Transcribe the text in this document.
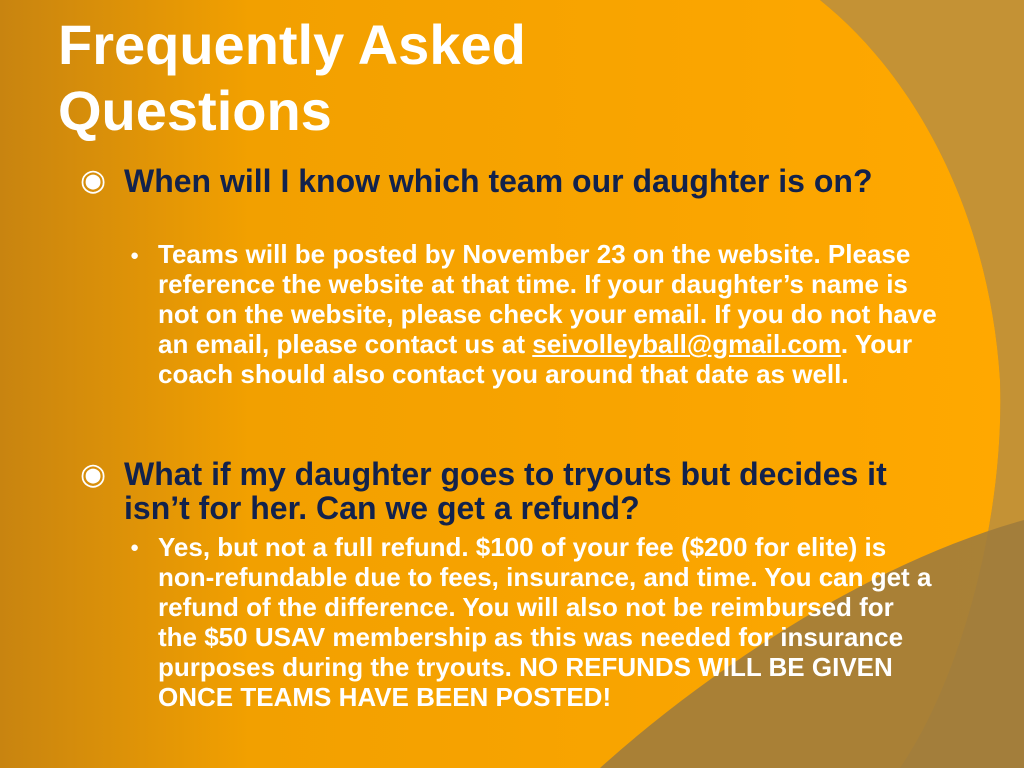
Frequently Asked Questions
◉ When will I know which team our daughter is on?

● Teams will be posted by November 23 on the website. Please reference the website at that time. If your daughter’s name is not on the website, please check your email. If you do not have an email, please contact us at seivolleyball@gmail.com. Your coach should also contact you around that date as well.

◉ What if my daughter goes to tryouts but decides it isn’t for her. Can we get a refund?

● Yes, but not a full refund. $100 of your fee ($200 for elite) is non-refundable due to fees, insurance, and time. You can get a refund of the difference. You will also not be reimbursed for the $50 USAV membership as this was needed for insurance purposes during the tryouts. NO REFUNDS WILL BE GIVEN ONCE TEAMS HAVE BEEN POSTED!
